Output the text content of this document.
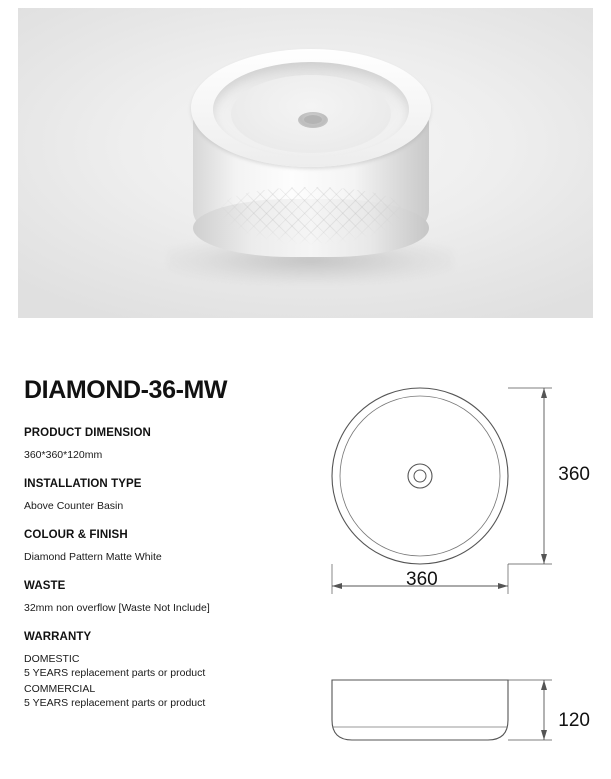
DIAMOND-36-MW
PRODUCT DIMENSION
360*360*120mm
INSTALLATION TYPE
Above Counter Basin
COLOUR & FINISH
Diamond Pattern Matte White
WASTE
32mm non overflow [Waste Not Include]
WARRANTY
DOMESTIC
5 YEARS replacement parts or product
COMMERCIAL
5 YEARS replacement parts or product
360
360
120
